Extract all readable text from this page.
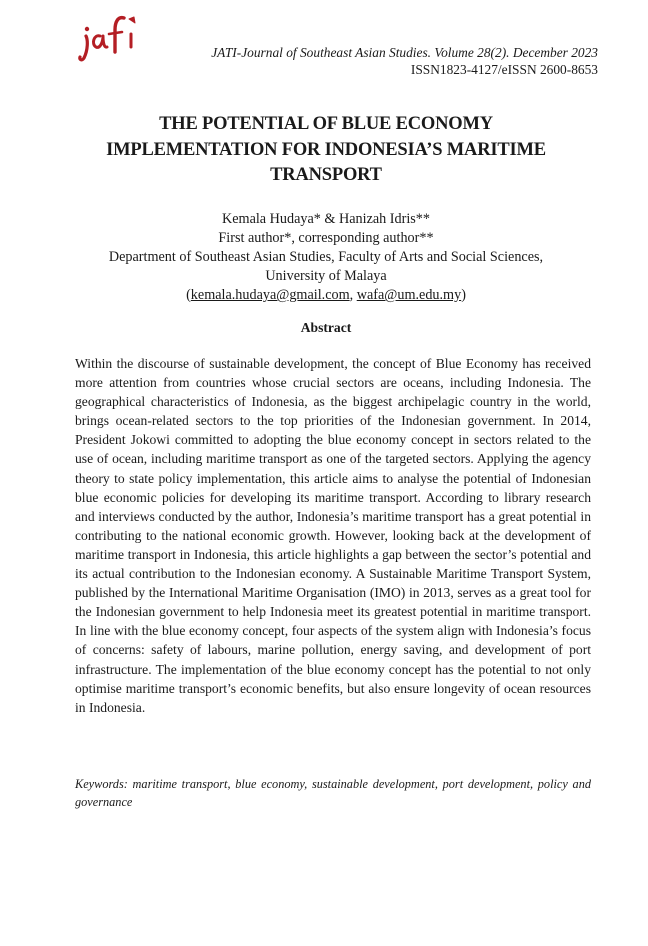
JATI-Journal of Southeast Asian Studies. Volume 28(2). December 2023
ISSN1823-4127/eISSN 2600-8653
THE POTENTIAL OF BLUE ECONOMY
IMPLEMENTATION FOR INDONESIA’S MARITIME
TRANSPORT
Kemala Hudaya* & Hanizah Idris**
First author*, corresponding author**
Department of Southeast Asian Studies, Faculty of Arts and Social Sciences,
University of Malaya
(kemala.hudaya@gmail.com, wafa@um.edu.my)
Abstract
Within the discourse of sustainable development, the concept of Blue Economy has received more attention from countries whose crucial sectors are oceans, including Indonesia. The geographical characteristics of Indonesia, as the biggest archipelagic country in the world, brings ocean-related sectors to the top priorities of the Indonesian government. In 2014, President Jokowi committed to adopting the blue economy concept in sectors related to the use of ocean, including maritime transport as one of the targeted sectors. Applying the agency theory to state policy implementation, this article aims to analyse the potential of Indonesian blue economic policies for developing its maritime transport. According to library research and interviews conducted by the author, Indonesia’s maritime transport has a great potential in contributing to the national economic growth. However, looking back at the development of maritime transport in Indonesia, this article highlights a gap between the sector’s potential and its actual contribution to the Indonesian economy. A Sustainable Maritime Transport System, published by the International Maritime Organisation (IMO) in 2013, serves as a great tool for the Indonesian government to help Indonesia meet its greatest potential in maritime transport. In line with the blue economy concept, four aspects of the system align with Indonesia’s focus of concerns: safety of labours, marine pollution, energy saving, and development of port infrastructure. The implementation of the blue economy concept has the potential to not only optimise maritime transport’s economic benefits, but also ensure longevity of ocean resources in Indonesia.
Keywords: maritime transport, blue economy, sustainable development, port development, policy and governance
